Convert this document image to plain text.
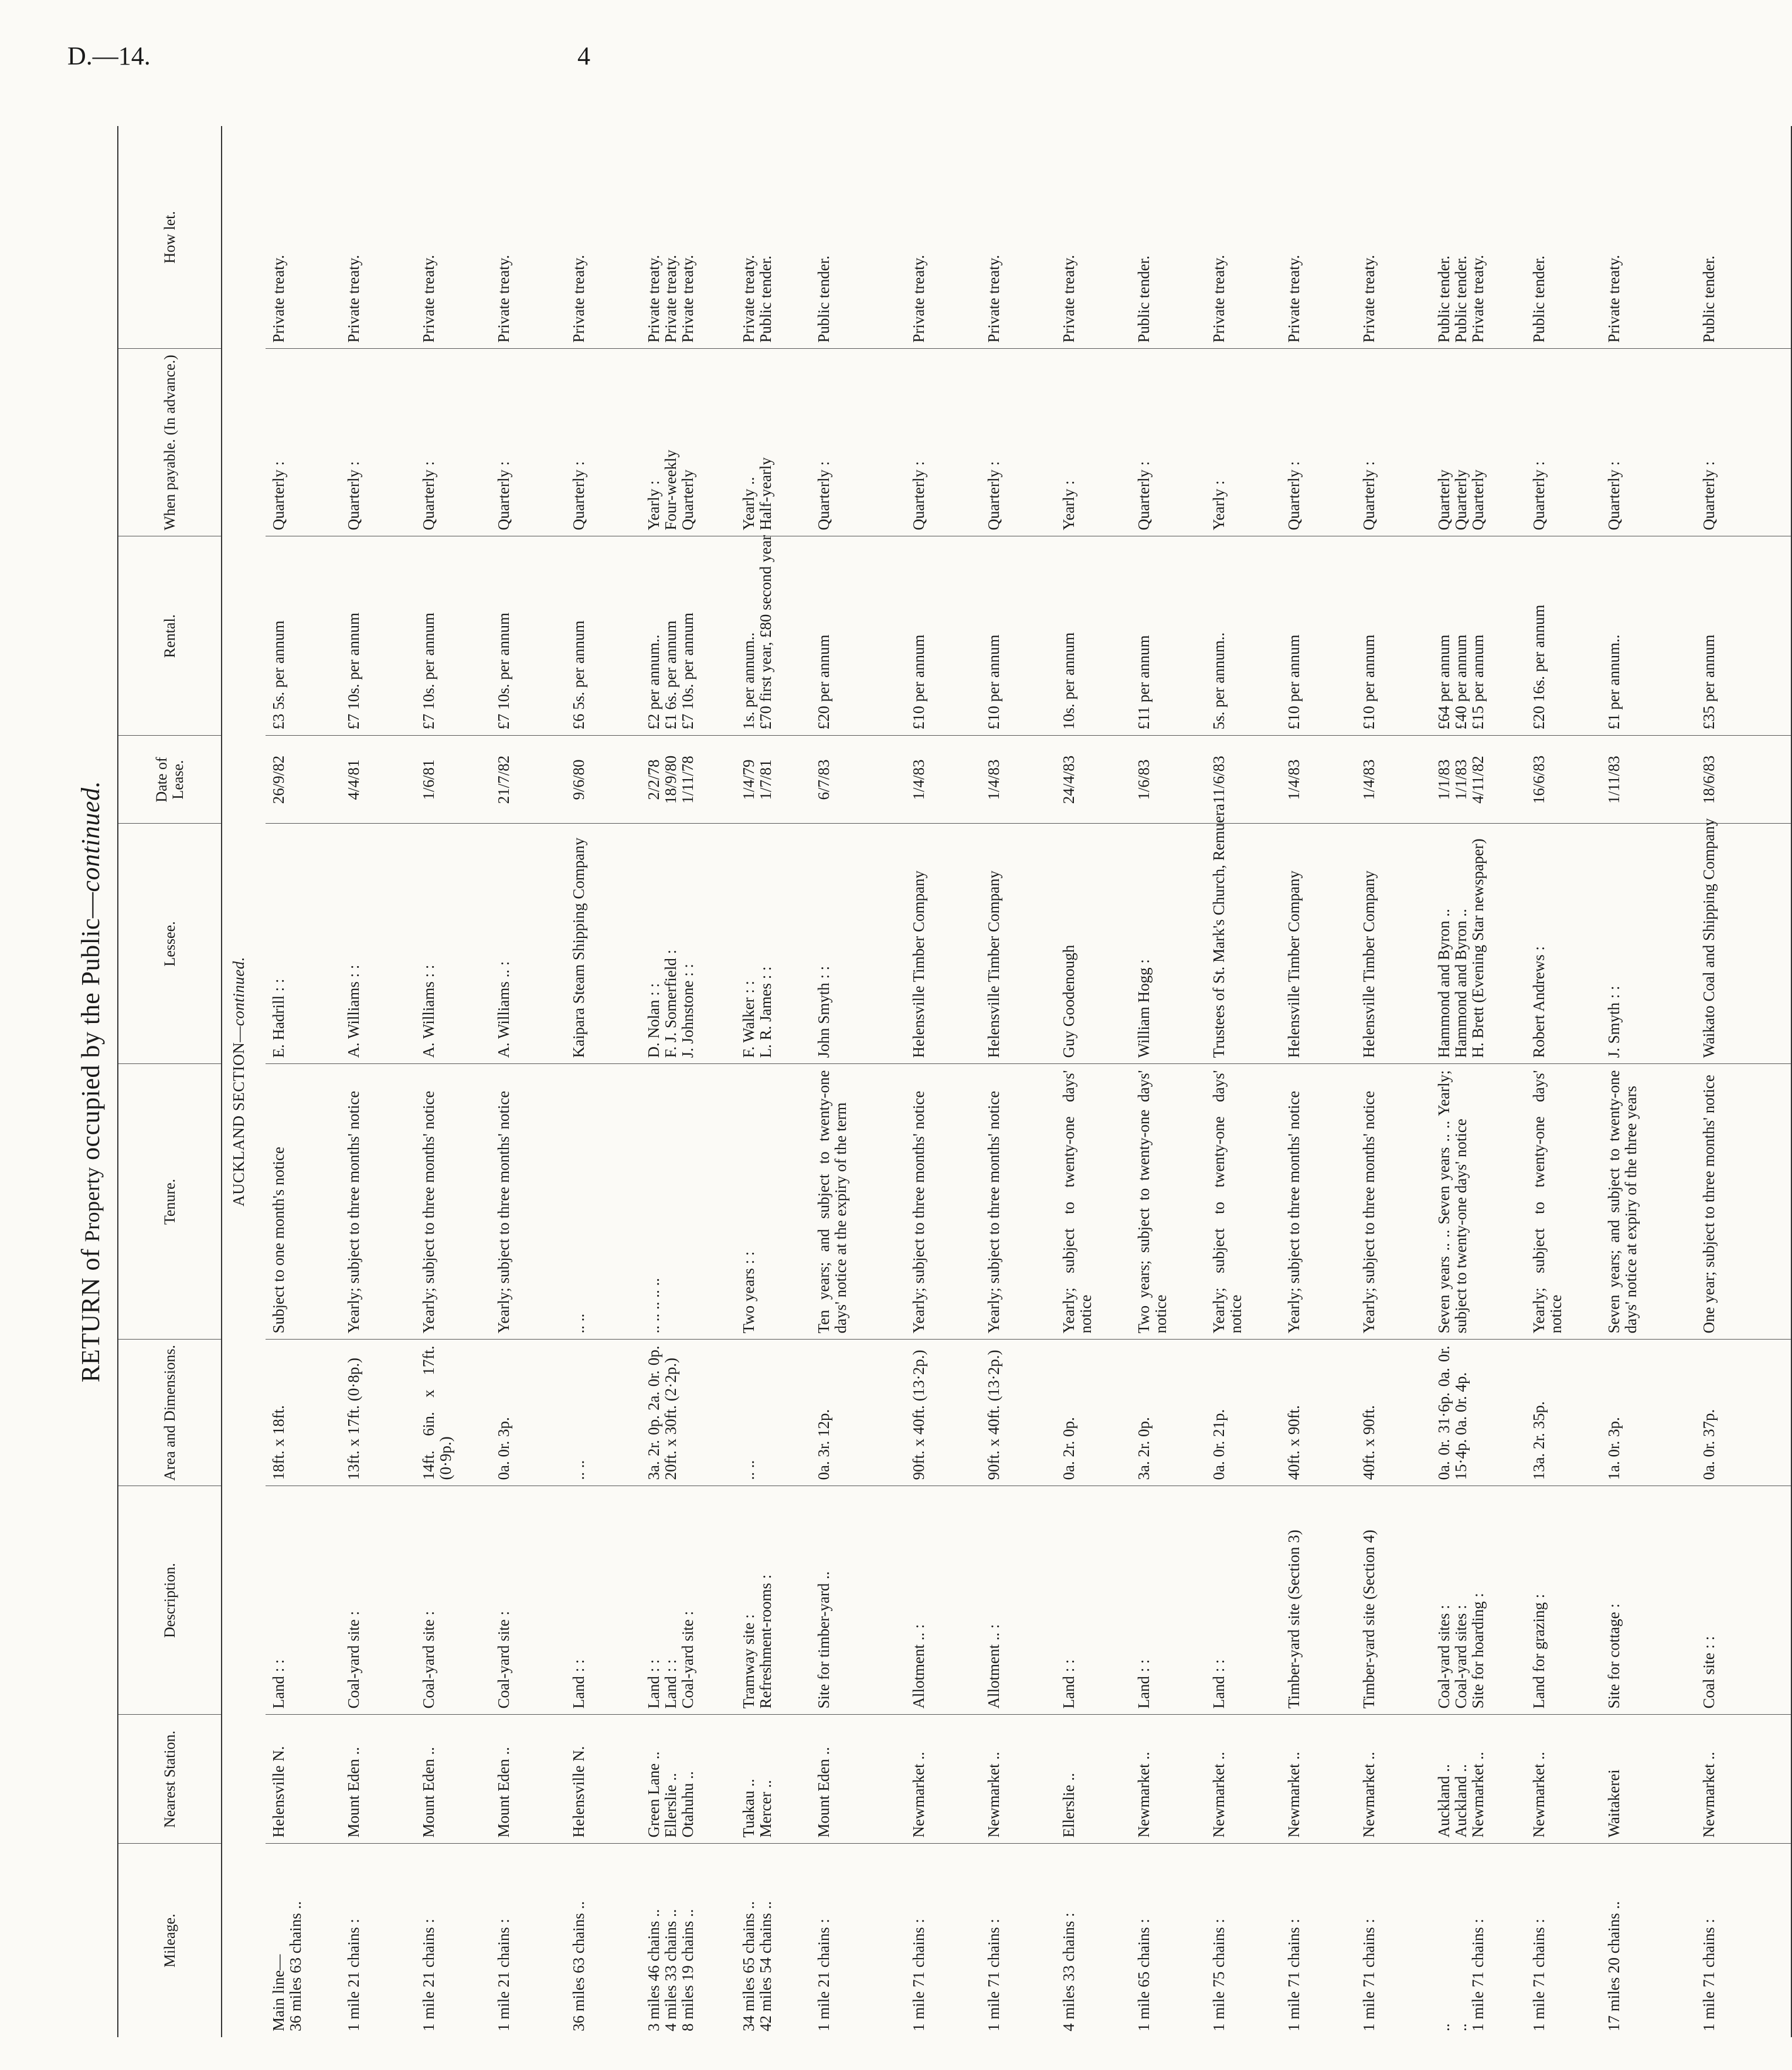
D.—14.	4
RETURN of Property occupied by the Public—continued.
Mileage.	Nearest Station.	Description.	Area and Dimensions.	Tenure.	Lessee.	Date of Lease.	Rental.	When payable. (In advance.)	How let.
AUCKLAND SECTION—continued.									

Main line— 36 miles 63 chains ..	Helensville N.	Land : :	18ft. x 18ft.	Subject to one month's notice	E. Hadrill : :	26/9/82	£3 5s. per annum	Quarterly :	Private treaty.

1 mile 21 chains :	Mount Eden ..	Coal-yard site :	13ft. x 17ft. (0·8p.)	Yearly; subject to three months' notice	A. Williams : :	4/4/81	£7 10s. per annum	Quarterly :	Private treaty.

1 mile 21 chains :	Mount Eden ..	Coal-yard site :	14ft. 6in. x 17ft. (0·9p.)	Yearly; subject to three months' notice	A. Williams : :	1/6/81	£7 10s. per annum	Quarterly :	Private treaty.

1 mile 21 chains :	Mount Eden ..	Coal-yard site :	0a. 0r. 3p.	Yearly; subject to three months' notice	A. Williams .. :	21/7/82	£7 10s. per annum	Quarterly :	Private treaty.

36 miles 63 chains ..	Helensville N.	Land : :	.. ..	.. ..	Kaipara Steam Shipping Company	9/6/80	£6 5s. per annum	Quarterly :	Private treaty.

3 miles 46 chains .. 4 miles 33 chains .. 8 miles 19 chains ..	Green Lane .. Ellerslie .. Otahuhu ..	Land : : Land : : Coal-yard site :	3a. 2r. 0p. 2a. 0r. 0p. 20ft. x 30ft. (2·2p.)	.. .. .. .. ..	D. Nolan : : F. J. Somerfield : J. Johnstone : :	2/2/78 18/9/80 1/11/78	£2 per annum.. £1 6s. per annum £7 10s. per annum	Yearly : Four-weekly Quarterly	Private treaty. Private treaty. Private treaty.

34 miles 65 chains .. 42 miles 54 chains ..	Tuakau .. Mercer ..	Tramway site : Refreshment-rooms :	.. ..	Two years : :	F. Walker : : L. R. James : :	1/4/79 1/7/81	1s. per annum.. £70 first year, £80 second year	Yearly .. Half-yearly	Private treaty. Public tender.

1 mile 21 chains :	Mount Eden ..	Site for timber-yard ..	0a. 3r. 12p.	Ten years; and subject to twenty-one days' notice at the expiry of the term	John Smyth : :	6/7/83	£20 per annum	Quarterly :	Public tender.

1 mile 71 chains :	Newmarket ..	Allotment .. :	90ft. x 40ft. (13·2p.)	Yearly; subject to three months' notice	Helensville Timber Company	1/4/83	£10 per annum	Quarterly :	Private treaty.

1 mile 71 chains :	Newmarket ..	Allotment .. :	90ft. x 40ft. (13·2p.)	Yearly; subject to three months' notice	Helensville Timber Company	1/4/83	£10 per annum	Quarterly :	Private treaty.

4 miles 33 chains :	Ellerslie ..	Land : :	0a. 2r. 0p.	Yearly; subject to twenty-one days' notice	Guy Goodenough	24/4/83	10s. per annum	Yearly :	Private treaty.

1 mile 65 chains :	Newmarket ..	Land : :	3a. 2r. 0p.	Two years; subject to twenty-one days' notice	William Hogg :	1/6/83	£11 per annum	Quarterly :	Public tender.

1 mile 75 chains :	Newmarket ..	Land : :	0a. 0r. 21p.	Yearly; subject to twenty-one days' notice	Trustees of St. Mark's Church, Remuera	11/6/83	5s. per annum..	Yearly :	Private treaty.

1 mile 71 chains :	Newmarket ..	Timber-yard site (Section 3)	40ft. x 90ft.	Yearly; subject to three months' notice	Helensville Timber Company	1/4/83	£10 per annum	Quarterly :	Private treaty.

1 mile 71 chains :	Newmarket ..	Timber-yard site (Section 4)	40ft. x 90ft.	Yearly; subject to three months' notice	Helensville Timber Company	1/4/83	£10 per annum	Quarterly :	Private treaty.

.. .. 1 mile 71 chains :	Auckland .. Auckland .. Newmarket ..	Coal-yard sites : Coal-yard sites : Site for hoarding :	0a. 0r. 31·6p. 0a. 0r. 15·4p. 0a. 0r. 4p.	Seven years .. .. Seven years .. .. Yearly; subject to twenty-one days' notice	Hammond and Byron .. Hammond and Byron .. H. Brett (Evening Star newspaper)	1/1/83 1/1/83 4/11/82	£64 per annum £40 per annum £15 per annum	Quarterly Quarterly Quarterly	Public tender. Public tender. Private treaty.

1 mile 71 chains :	Newmarket ..	Land for grazing :	13a. 2r. 35p.	Yearly; subject to twenty-one days' notice	Robert Andrews :	16/6/83	£20 16s. per annum	Quarterly :	Public tender.

17 miles 20 chains ..	Waitakerei	Site for cottage :	1a. 0r. 3p.	Seven years; and subject to twenty-one days' notice at expiry of the three years	J. Smyth : :	1/11/83	£1 per annum..	Quarterly :	Private treaty.

1 mile 71 chains :	Newmarket ..	Coal site : :	0a. 0r. 37p.	One year; subject to three months' notice	Waikato Coal and Shipping Company	18/6/83	£35 per annum	Quarterly :	Public tender.
